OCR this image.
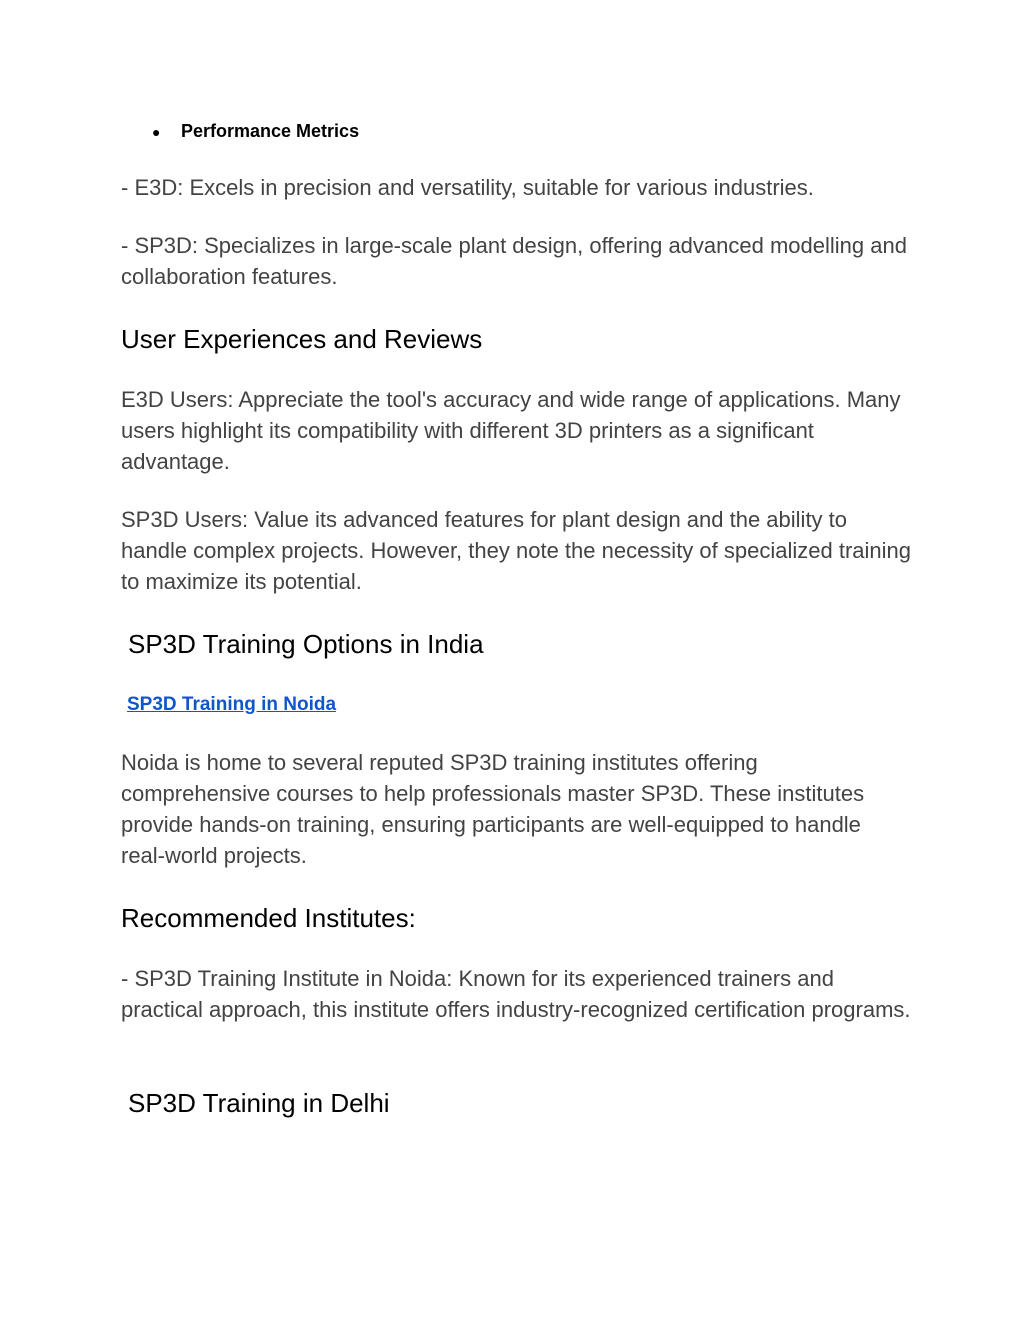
●	Performance Metrics

- E3D: Excels in precision and versatility, suitable for various industries.

- SP3D: Specializes in large-scale plant design, offering advanced modelling and collaboration features.

User Experiences and Reviews

E3D Users: Appreciate the tool's accuracy and wide range of applications. Many users highlight its compatibility with different 3D printers as a significant advantage.

SP3D Users: Value its advanced features for plant design and the ability to handle complex projects. However, they note the necessity of specialized training to maximize its potential.

SP3D Training Options in India
SP3D Training in Noida

Noida is home to several reputed SP3D training institutes offering comprehensive courses to help professionals master SP3D. These institutes provide hands-on training, ensuring participants are well-equipped to handle real-world projects.

Recommended Institutes:

- SP3D Training Institute in Noida: Known for its experienced trainers and practical approach, this institute offers industry-recognized certification programs.

SP3D Training in Delhi
